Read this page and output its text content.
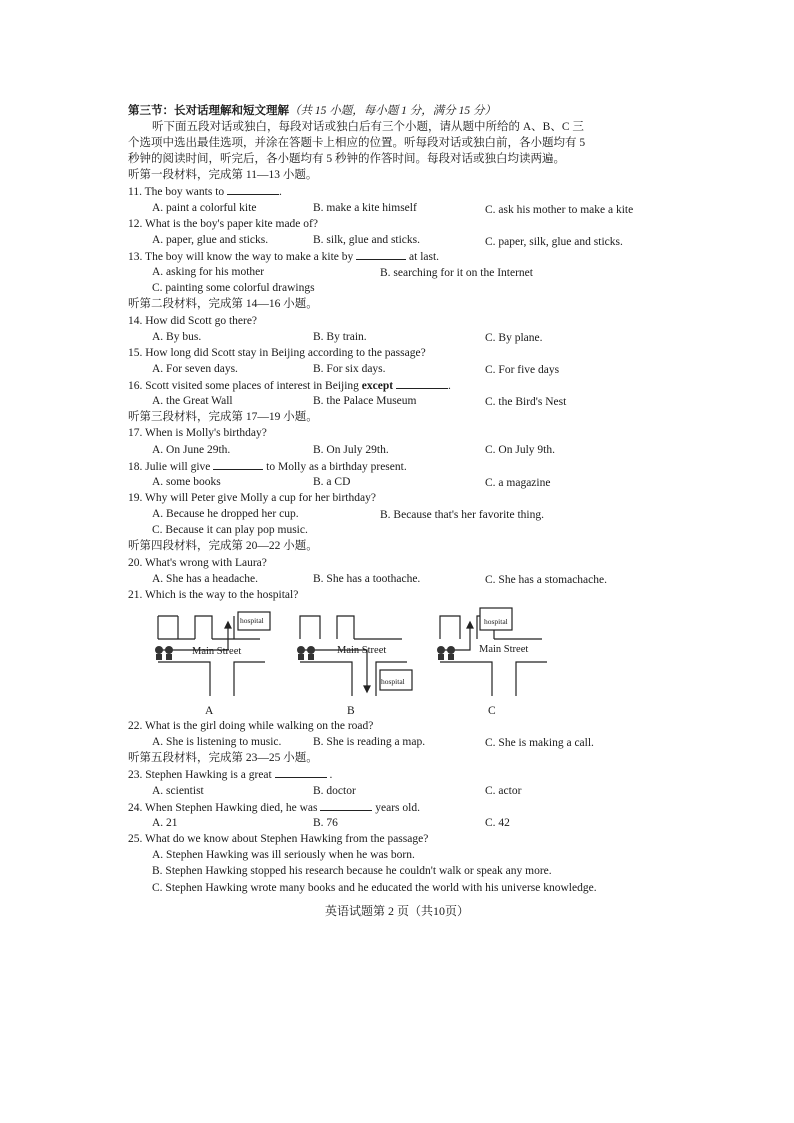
第三节：长对话理解和短文理解（共 15 小题，每小题 1 分，满分 15 分）
听下面五段对话或独白，每段对话或独白后有三个小题，请从题中所给的 A、B、C 三
个选项中选出最佳选项，并涂在答题卡上相应的位置。听每段对话或独白前，各小题均有 5
秒钟的阅读时间，听完后，各小题均有 5 秒钟的作答时间。每段对话或独白均读两遍。
听第一段材料，完成第 11—13 小题。
11. The boy wants to	.
A. paint a colorful kite	B. make a kite himself	C. ask his mother to make a kite
12. What is the boy's paper kite made of?
A. paper, glue and sticks.	B. silk, glue and sticks.	C. paper, silk, glue and sticks.
13. The boy will know the way to make a kite by	at last.
A. asking for his mother	B. searching for it on the Internet
C. painting some colorful drawings
听第二段材料，完成第 14—16 小题。
14. How did Scott go there?
A. By bus.	B. By train.	C. By plane.
15. How long did Scott stay in Beijing according to the passage?
A. For seven days.	B. For six days.	C. For five days
16. Scott visited some places of interest in Beijing except	.
A. the Great Wall	B. the Palace Museum	C. the Bird's Nest
听第三段材料，完成第 17—19 小题。
17. When is Molly's birthday?
A. On June 29th.	B. On July 29th.	C. On July 9th.
18. Julie will give	to Molly as a birthday present.
A. some books	B. a CD	C. a magazine
19. Why will Peter give Molly a cup for her birthday?
A. Because he dropped her cup.	B. Because that's her favorite thing.
C. Because it can play pop music.
听第四段材料，完成第 20—22 小题。
20. What's wrong with Laura?
A. She has a headache.	B. She has a toothache.	C. She has a stomachache.
21. Which is the way to the hospital?
Main Street	Main Street	Main Street
hospital
hospital
hospital
A	B	C
22. What is the girl doing while walking on the road?
A. She is listening to music.	B. She is reading a map.	C. She is making a call.
听第五段材料，完成第 23—25 小题。
23. Stephen Hawking is a great	.
A. scientist	B. doctor	C. actor
24. When Stephen Hawking died, he was	years old.
A. 21	B. 76	C. 42
25. What do we know about Stephen Hawking from the passage?
A. Stephen Hawking was ill seriously when he was born.
B. Stephen Hawking stopped his research because he couldn't walk or speak any more.
C. Stephen Hawking wrote many books and he educated the world with his universe knowledge.
英语试题第 2 页（共10页）
